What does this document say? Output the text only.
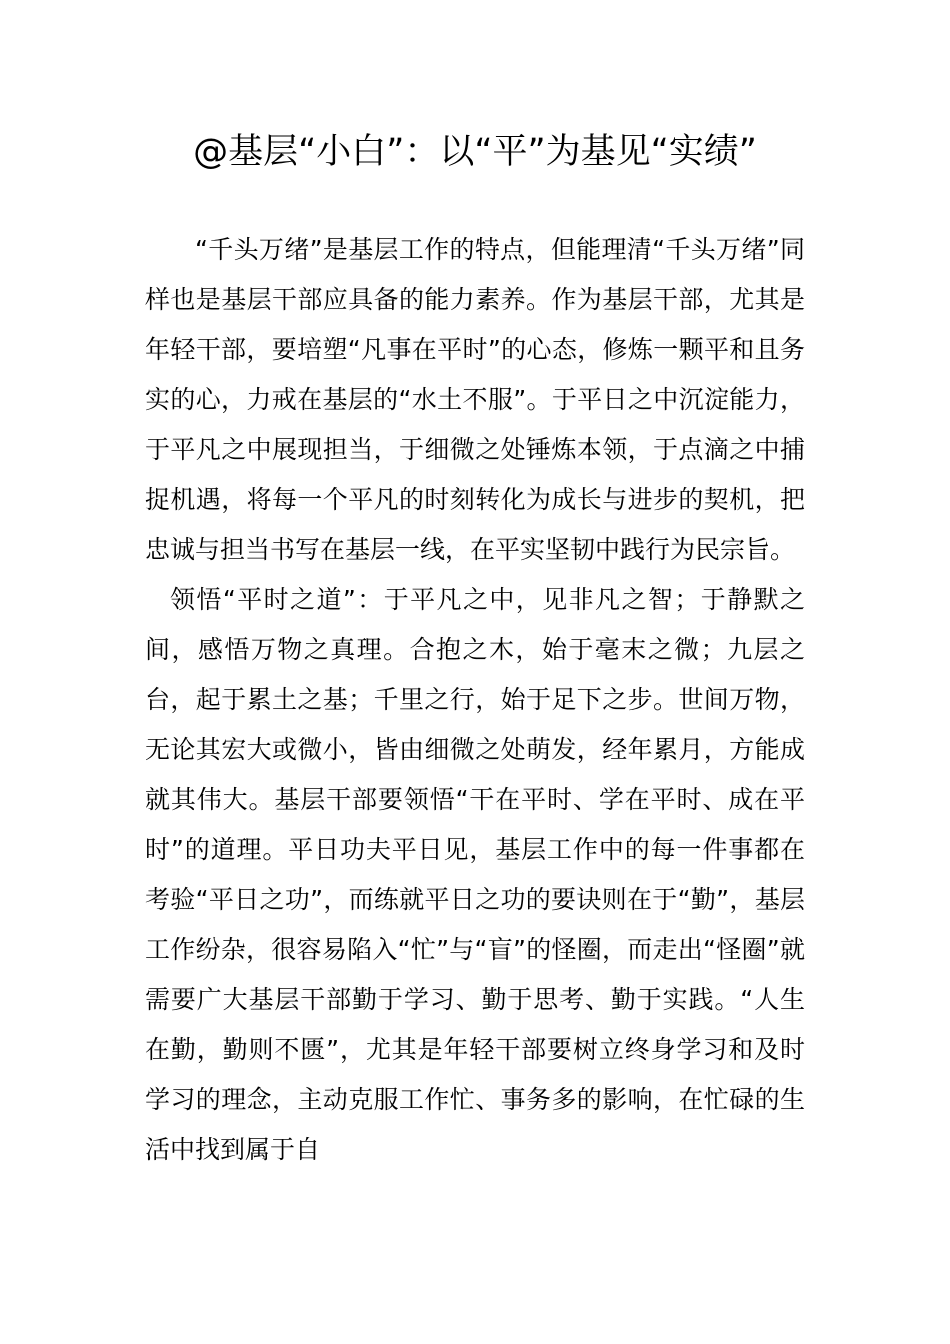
@基层“小白”：以“平”为基见“实绩”

“千头万绪”是基层工作的特点，但能理清“千头万绪”同样也是基层干部应具备的能力素养。作为基层干部，尤其是年轻干部，要培塑“凡事在平时”的心态，修炼一颗平和且务实的心，力戒在基层的“水土不服”。于平日之中沉淀能力，于平凡之中展现担当，于细微之处锤炼本领，于点滴之中捕捉机遇，将每一个平凡的时刻转化为成长与进步的契机，把忠诚与担当书写在基层一线，在平实坚韧中践行为民宗旨。

领悟“平时之道”：于平凡之中，见非凡之智；于静默之间，感悟万物之真理。合抱之木，始于毫末之微；九层之台，起于累土之基；千里之行，始于足下之步。世间万物，无论其宏大或微小，皆由细微之处萌发，经年累月，方能成就其伟大。基层干部要领悟“干在平时、学在平时、成在平时”的道理。平日功夫平日见，基层工作中的每一件事都在考验“平日之功”，而练就平日之功的要诀则在于“勤”，基层工作纷杂，很容易陷入“忙”与“盲”的怪圈，而走出“怪圈”就需要广大基层干部勤于学习、勤于思考、勤于实践。“人生在勤，勤则不匮”，尤其是年轻干部要树立终身学习和及时学习的理念，主动克服工作忙、事务多的影响，在忙碌的生活中找到属于自
